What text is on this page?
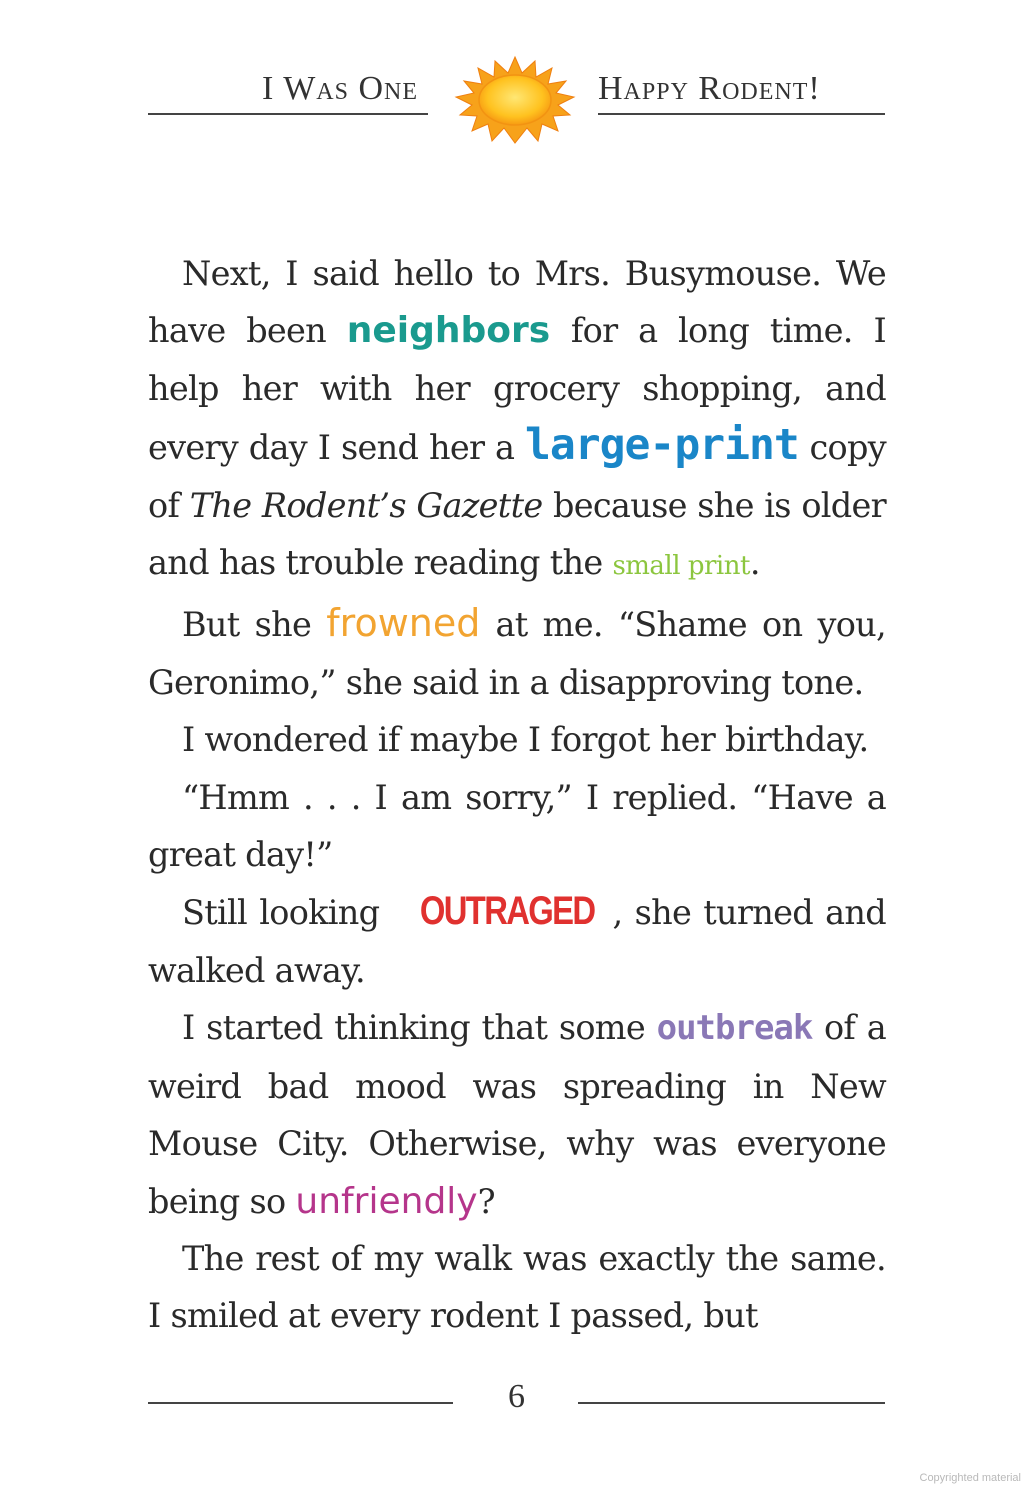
I Was One	Happy Rodent!

Next, I said hello to Mrs. Busymouse. We have been neighbors for a long time. I help her with her grocery shopping, and every day I send her a large-print copy of The Rodent’s Gazette because she is older and has trouble reading the small print.

But she frowned at me. “Shame on you, Geronimo,” she said in a disapproving tone.

I wondered if maybe I forgot her birthday.

“Hmm . . . I am sorry,” I replied. “Have a great day!”

Still looking OUTRAGED , she turned and walked away.

I started thinking that some outbreak of a weird bad mood was spreading in New Mouse City. Otherwise, why was everyone being so unfriendly?

The rest of my walk was exactly the same. I smiled at every rodent I passed, but

6
Copyrighted material
